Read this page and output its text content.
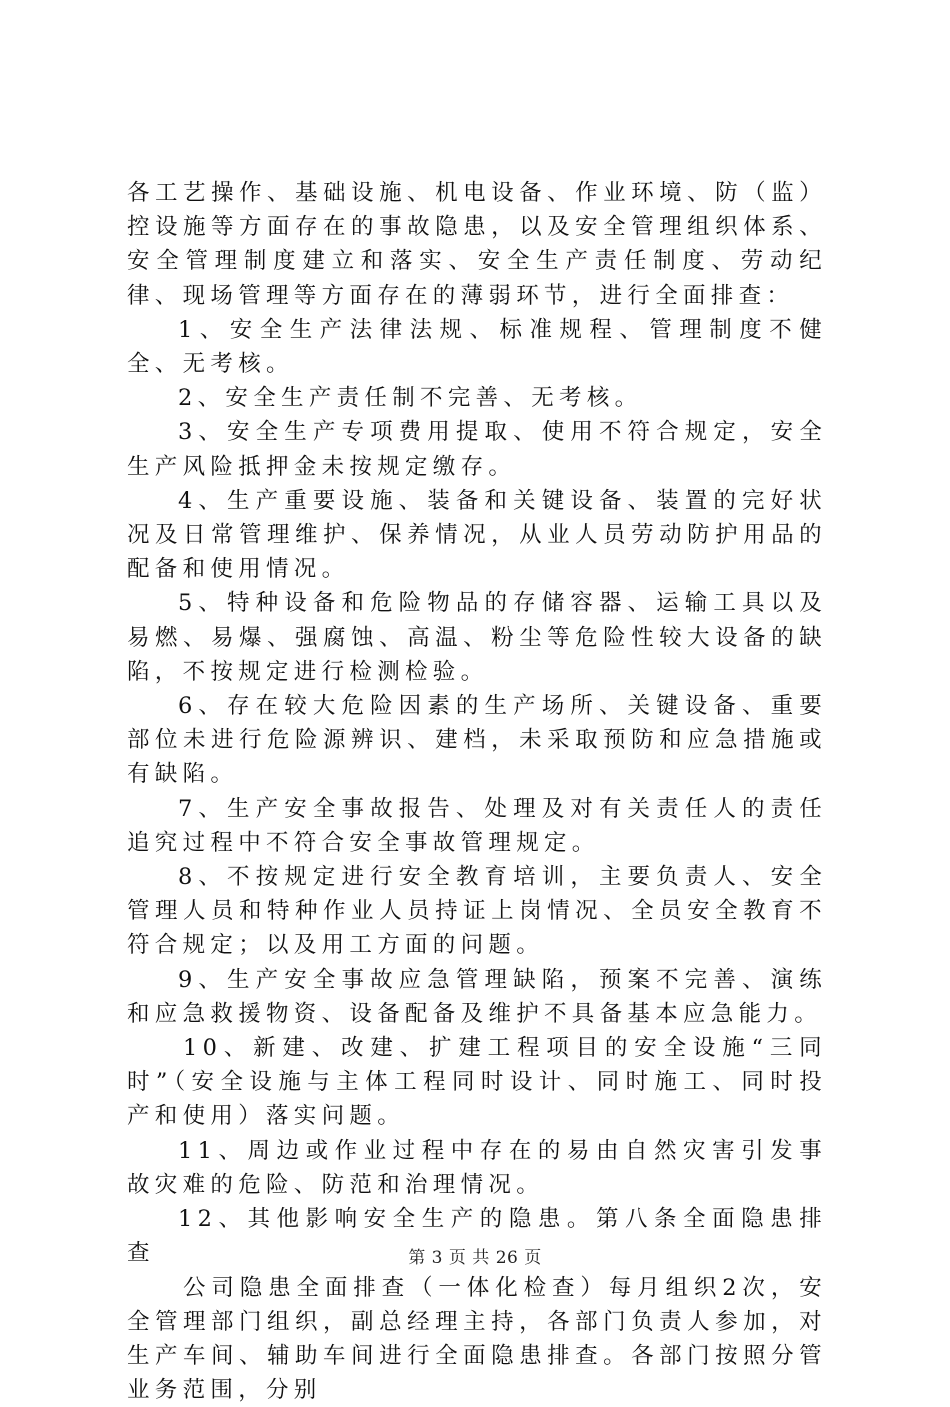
各工艺操作、基础设施、机电设备、作业环境、防（监）控设施等方面存在的事故隐患，以及安全管理组织体系、安全管理制度建立和落实、安全生产责任制度、劳动纪律、现场管理等方面存在的薄弱环节，进行全面排查：

1、安全生产法律法规、标准规程、管理制度不健全、无考核。

2、安全生产责任制不完善、无考核。

3、安全生产专项费用提取、使用不符合规定，安全生产风险抵押金未按规定缴存。

4、生产重要设施、装备和关键设备、装置的完好状况及日常管理维护、保养情况，从业人员劳动防护用品的配备和使用情况。

5、特种设备和危险物品的存储容器、运输工具以及易燃、易爆、强腐蚀、高温、粉尘等危险性较大设备的缺陷，不按规定进行检测检验。

6、存在较大危险因素的生产场所、关键设备、重要部位未进行危险源辨识、建档，未采取预防和应急措施或有缺陷。

7、生产安全事故报告、处理及对有关责任人的责任追究过程中不符合安全事故管理规定。

8、不按规定进行安全教育培训，主要负责人、安全管理人员和特种作业人员持证上岗情况、全员安全教育不符合规定；以及用工方面的问题。

9、生产安全事故应急管理缺陷，预案不完善、演练和应急救援物资、设备配备及维护不具备基本应急能力。

10、新建、改建、扩建工程项目的安全设施“三同时”（安全设施与主体工程同时设计、同时施工、同时投产和使用）落实问题。

11、周边或作业过程中存在的易由自然灾害引发事故灾难的危险、防范和治理情况。

12、其他影响安全生产的隐患。第八条全面隐患排查

公司隐患全面排查（一体化检查）每月组织2次，安全管理部门组织，副总经理主持，各部门负责人参加，对生产车间、辅助车间进行全面隐患排查。各部门按照分管业务范围，分别

第 3 页 共 26 页
